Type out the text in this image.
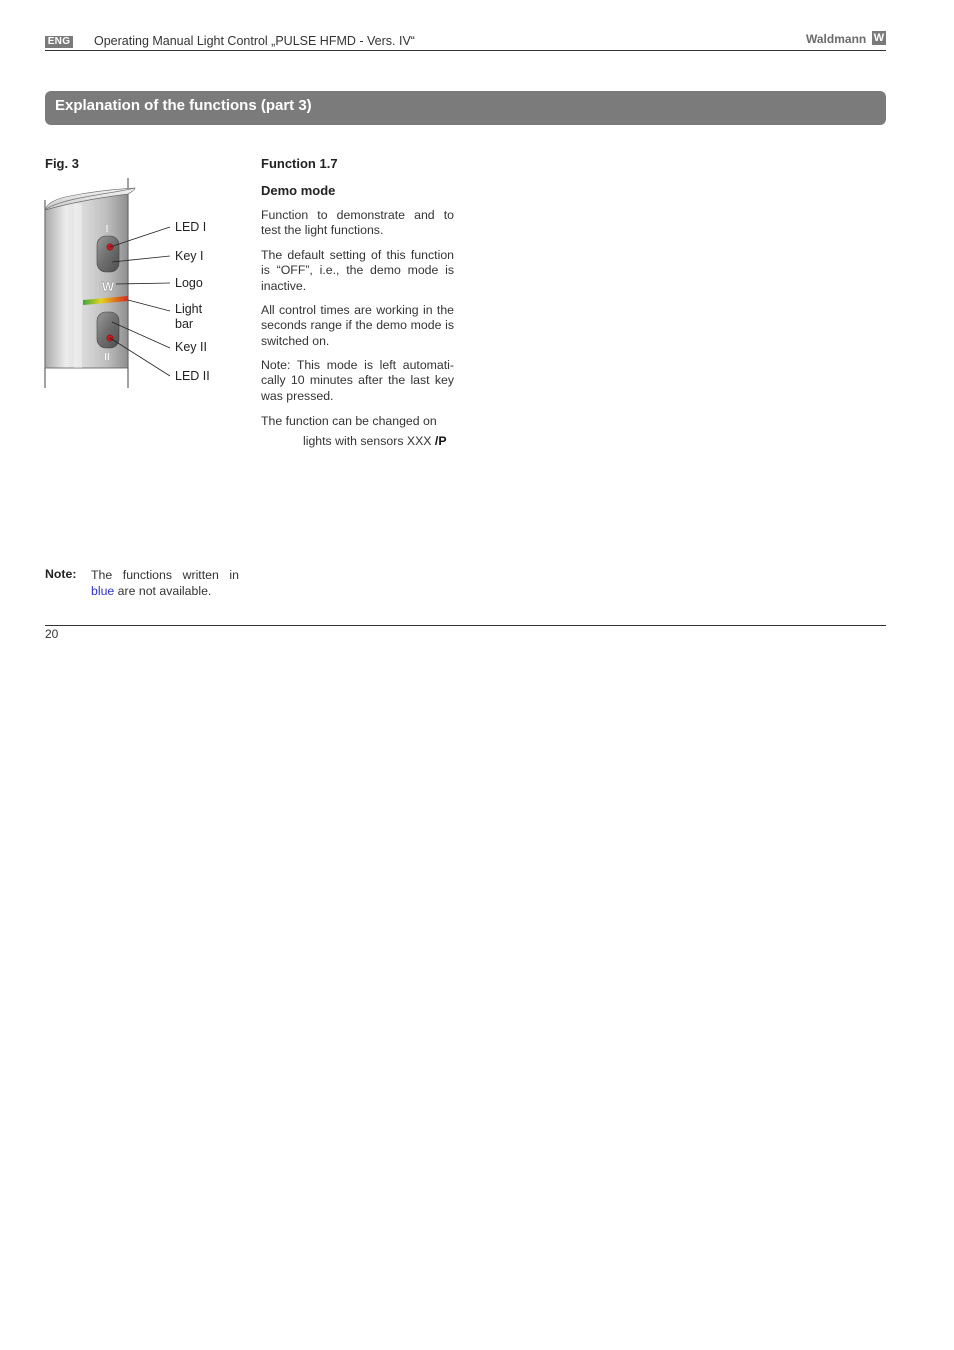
ENG Operating Manual Light Control „PULSE HFMD - Vers. IV“	Waldmann W
Explanation of the functions (part 3)
Fig. 3
I
W
II
LED I
Key I
Logo
Light
bar
Key II
LED II
Function 1.7
Demo mode
Function to demonstrate and to test the light functions.
The default setting of this function is “OFF”, i.e., the demo mode is inactive.
All control times are working in the seconds range if the demo mode is switched on.
Note: This mode is left automati-cally 10 minutes after the last key was pressed.
The function can be changed on
lights with sensors XXX /P
Note: The functions written in blue are not available.
20
